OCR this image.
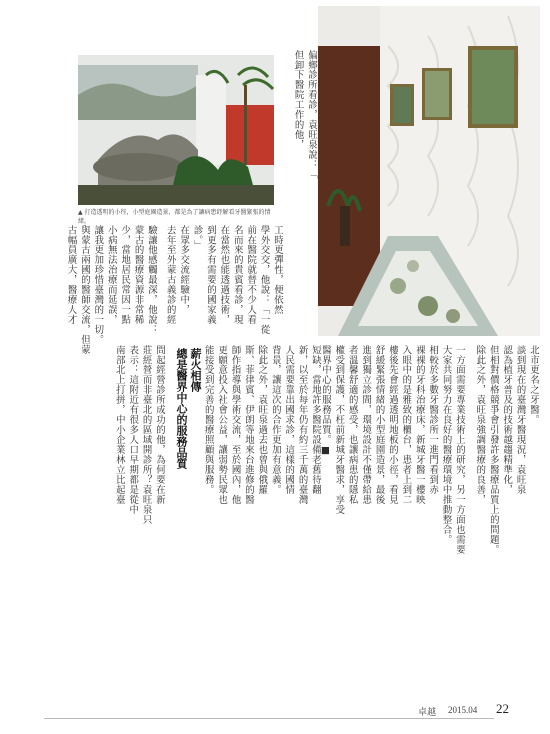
▲ 打造透明的小徑，小型庭園造景，都是為了讓病患紓解看牙醫緊張的情緒。
北市更名之牙醫。
談到現在的臺灣牙醫現況，袁旺泉
認為植牙普及的技術越趨精準化，
但相對價格競爭會引發許多醫療品質上的問題。
除此之外，袁旺泉強調醫療的良善，
一方面需要專業技術上的研究，另一方面也需要
大家共同努力在良好的醫療環境中推動整合。
相較於多數牙醫診所一進門看到赤
裸裸的牙科治療床，新城牙醫一樓映
入眼中的是雅致的櫃台，患者上到二
樓後先會經過透明地板的小徑，看見
舒緩緊張情緒的小型庭園造景，最後
進到獨立診間，環境設計不僅帶給患
者溫馨舒適的感受，也讓病患的隱私
權受到保護，不枉前新城牙醫求，享受
醫界中心的服務品質。■
短缺，當地許多醫院設備老舊待翻
新，以至於每年仍有約三千萬的臺灣
人民需要靠出國求診，這樣的國情
背景，讓這次的合作更加有意義。
除此之外，袁旺泉過去也曾與俄羅
斯、菲律賓、伊朗等地來台進修的醫
師作指導與學術交流，至於國內，他
更願意投入社會公益，讓弱勢民眾也
能接受到完善的醫療照顧與服務。
薪火相傳
總是醫界中心的服務品質
問起經營診所成功的他，為何要在新
莊經營而非臺北的區域開診所？袁旺泉只
表示：這附近有很多人口早期都是從中
南部北上打拼，中小企業林立比起臺
偏鄉診所看診，袁旺泉說：「
但卸下醫院工作的他，
工時更彈性，便依然
學外交交，他說：「一從
前在醫院就替不少人看
名而來的貴賓看診，現
在當然也能透過技術，
到更多有需要的國家義
診。」
在眾多交流經驗中，
去年至外蒙古義診的經
驗讓他感觸最深，他說：
蒙古的醫療資源非常稀
少，當地居民常因一點
小病無法治療而延誤，
讓我更加珍惜臺灣的一切。
與蒙古兩國的醫師交流，但蒙
古幅員廣大，醫療人才
卓越 2015.04 22
